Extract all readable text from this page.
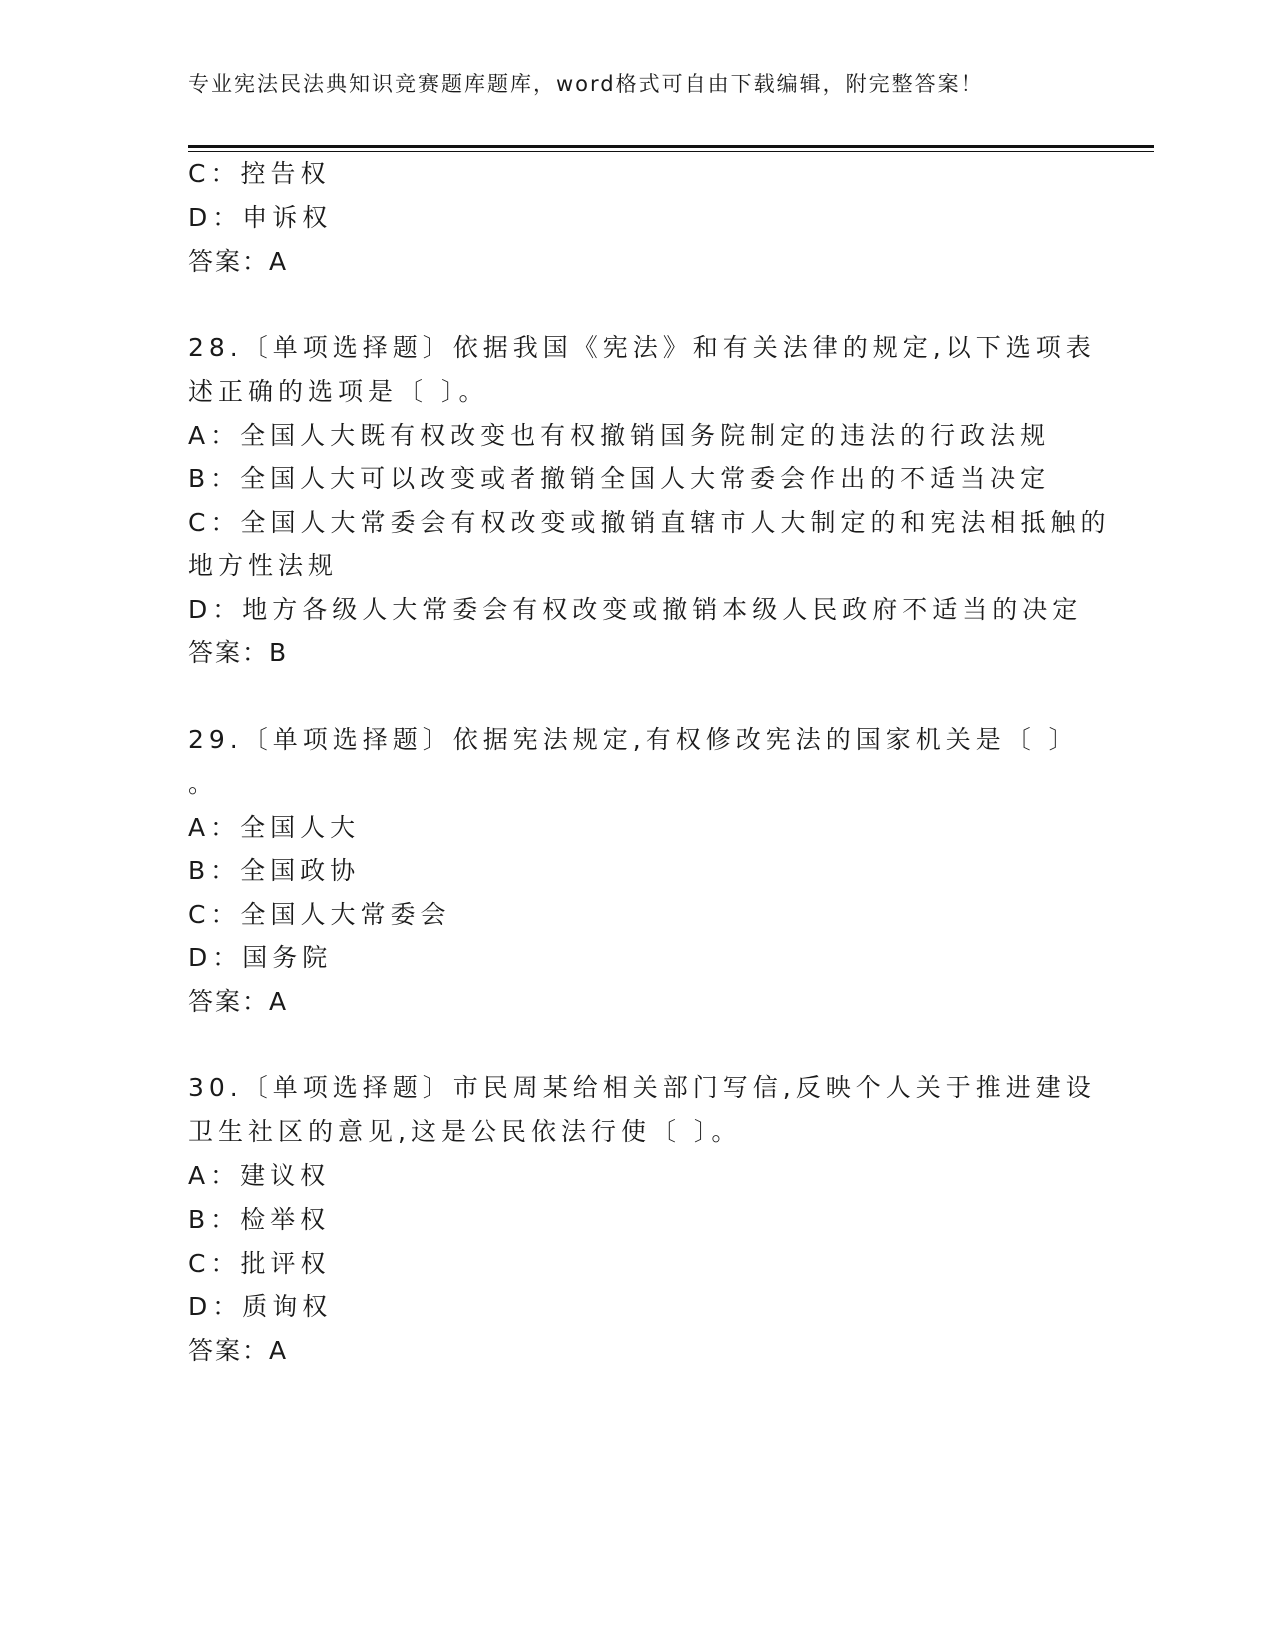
专业宪法民法典知识竞赛题库题库，word格式可自由下载编辑，附完整答案！
C：控告权
D：申诉权
答案：A
28.〔单项选择题〕依据我国《宪法》和有关法律的规定,以下选项表
述正确的选项是〔 〕。
A：全国人大既有权改变也有权撤销国务院制定的违法的行政法规
B：全国人大可以改变或者撤销全国人大常委会作出的不适当决定
C：全国人大常委会有权改变或撤销直辖市人大制定的和宪法相抵触的
地方性法规
D：地方各级人大常委会有权改变或撤销本级人民政府不适当的决定
答案：B
29.〔单项选择题〕依据宪法规定,有权修改宪法的国家机关是〔 〕
。
A：全国人大
B：全国政协
C：全国人大常委会
D：国务院
答案：A
30.〔单项选择题〕市民周某给相关部门写信,反映个人关于推进建设
卫生社区的意见,这是公民依法行使〔 〕。
A：建议权
B：检举权
C：批评权
D：质询权
答案：A
